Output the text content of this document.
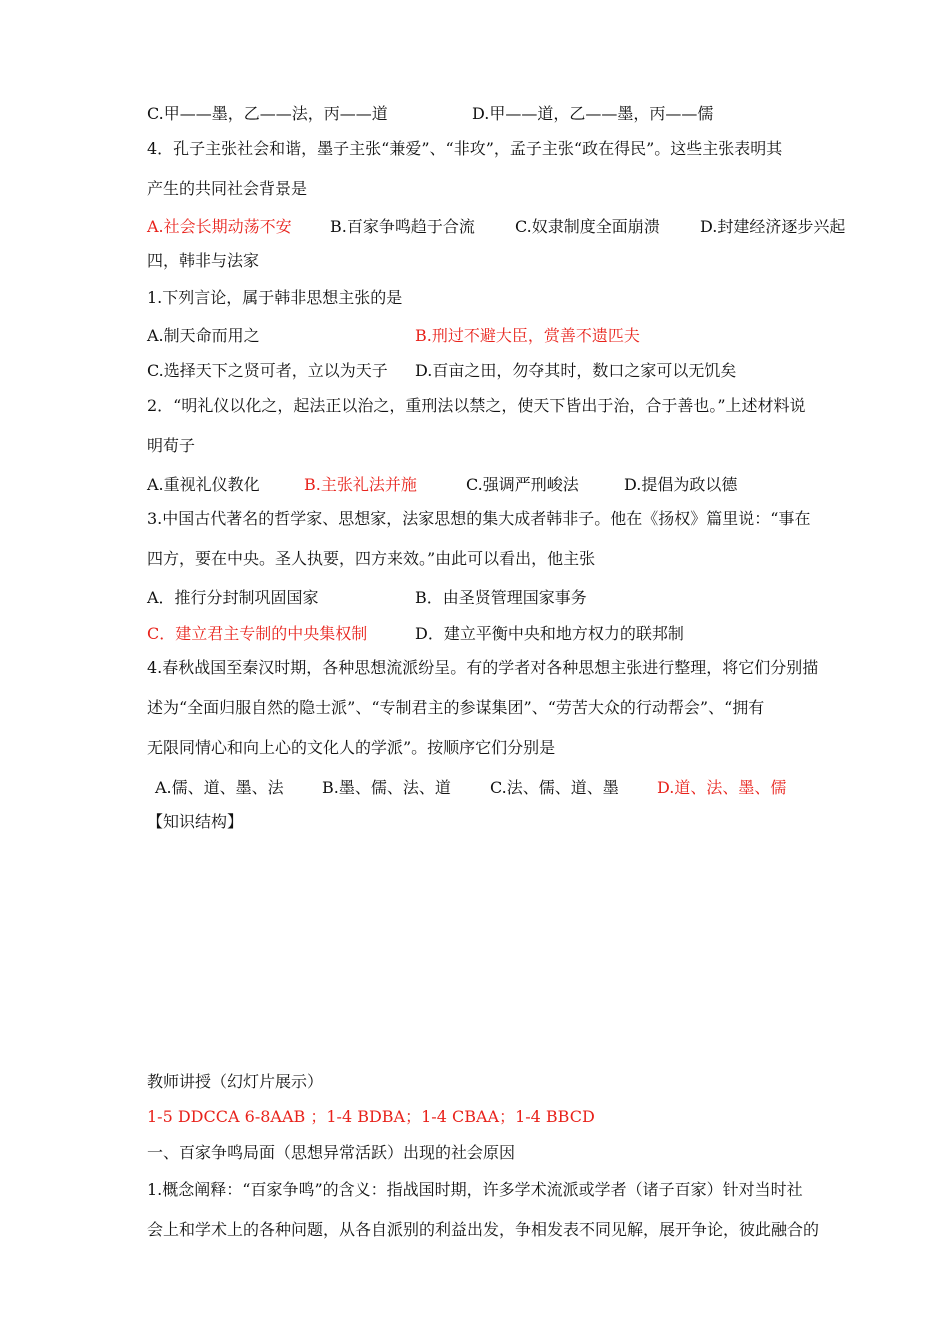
C.甲——墨，乙——法，丙——道	D.甲——道，乙——墨，丙——儒
4．孔子主张社会和谐，墨子主张“兼爱”、“非攻”，孟子主张“政在得民”。这些主张表明其
产生的共同社会背景是
A.社会长期动荡不安 B.百家争鸣趋于合流	C.奴隶制度全面崩溃	D.封建经济逐步兴起
四，韩非与法家
1.下列言论，属于韩非思想主张的是
A.制天命而用之	B.刑过不避大臣，赏善不遗匹夫
C.选择天下之贤可者，立以为天子 D.百亩之田，勿夺其时，数口之家可以无饥矣
2．“明礼仪以化之，起法正以治之，重刑法以禁之，使天下皆出于治，合于善也。”上述材料说
明荀子
A.重视礼仪教化	B.主张礼法并施	C.强调严刑峻法	D.提倡为政以德
3.中国古代著名的哲学家、思想家，法家思想的集大成者韩非子。他在《扬权》篇里说：“事在
四方，要在中央。圣人执要，四方来效。”由此可以看出，他主张
A．推行分封制巩固国家	B．由圣贤管理国家事务
C．建立君主专制的中央集权制	D．建立平衡中央和地方权力的联邦制
4.春秋战国至秦汉时期，各种思想流派纷呈。有的学者对各种思想主张进行整理，将它们分别描
述为“全面归服自然的隐士派”、“专制君主的参谋集团”、“劳苦大众的行动帮会”、“拥有
无限同情心和向上心的文化人的学派”。按顺序它们分别是
A.儒、道、墨、法 B.墨、儒、法、道 C.法、儒、道、墨 D.道、法、墨、儒
【知识结构】
教师讲授（幻灯片展示）
1-5 DDCCA 6-8AAB ；1-4 BDBA；1-4 CBAA；1-4 BBCD
一、百家争鸣局面（思想异常活跃）出现的社会原因
1.概念阐释：“百家争鸣”的含义：指战国时期，许多学术流派或学者（诸子百家）针对当时社
会上和学术上的各种问题，从各自派别的利益出发，争相发表不同见解，展开争论，彼此融合的
